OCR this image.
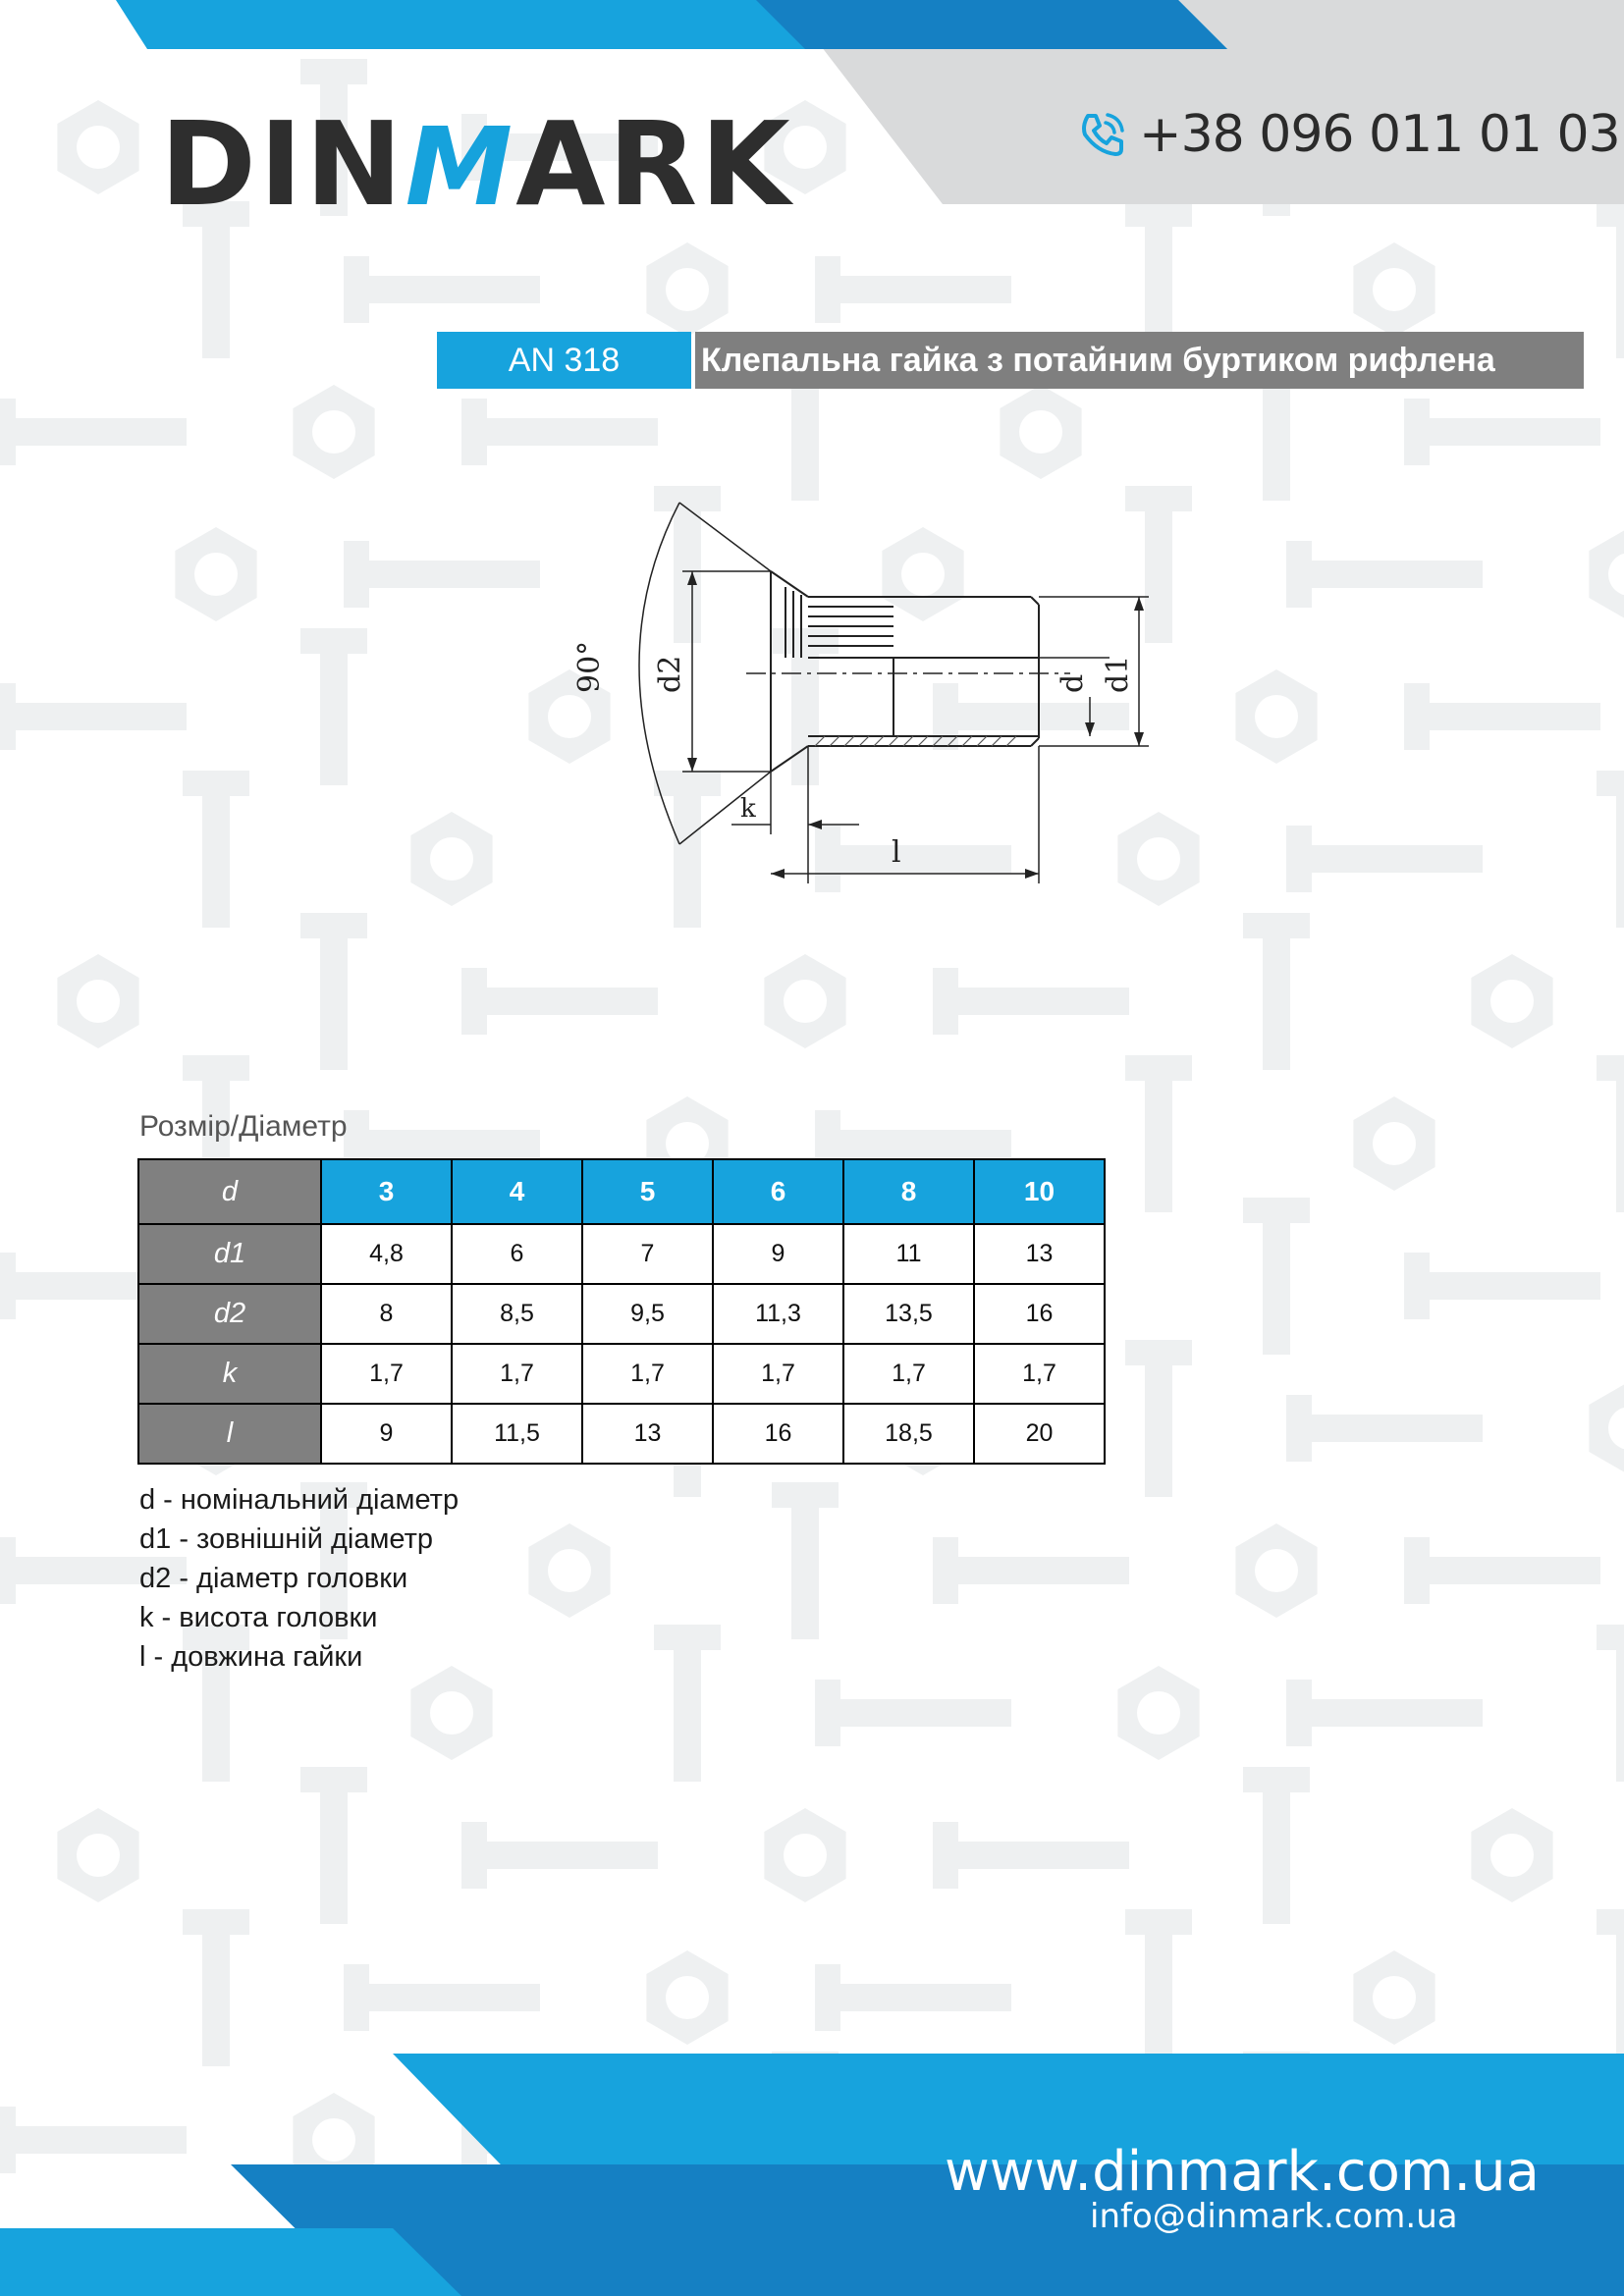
DINMARK	+38 096 011 01 03
AN 318	Клепальна гайка з потайним буртиком рифлена
90° d2	d d1
k
l
Розмір/Діаметр
d	3	4	5	6	8	10
d1	4,8	6	7	9	11	13
d2	8	8,5	9,5	11,3	13,5	16
k	1,7	1,7	1,7	1,7	1,7	1,7
l	9	11,5	13	16	18,5	20
d - номінальний діаметр
d1 - зовнішній діаметр
d2 - діаметр головки
k - висота головки
l - довжина гайки
www.dinmark.com.ua
info@dinmark.com.ua
